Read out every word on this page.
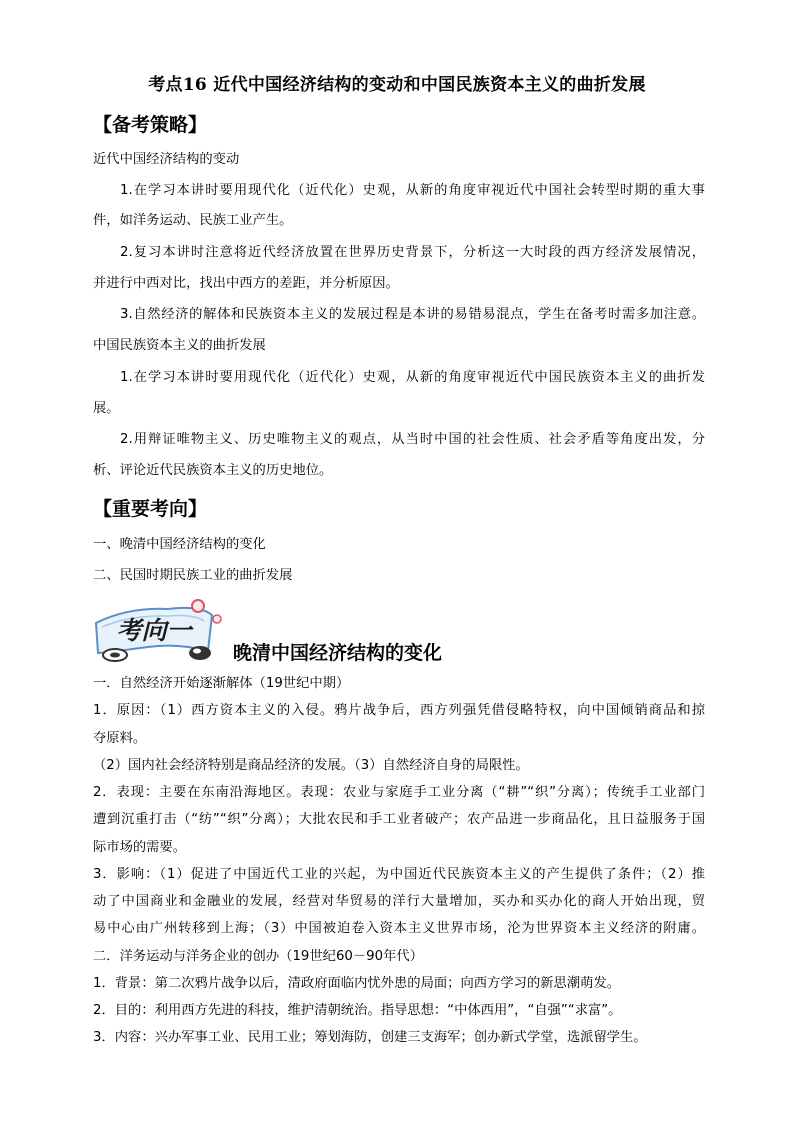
考点16 近代中国经济结构的变动和中国民族资本主义的曲折发展
【备考策略】
近代中国经济结构的变动
1.在学习本讲时要用现代化（近代化）史观，从新的角度审视近代中国社会转型时期的重大事
件，如洋务运动、民族工业产生。
2.复习本讲时注意将近代经济放置在世界历史背景下，分析这一大时段的西方经济发展情况，
并进行中西对比，找出中西方的差距，并分析原因。
3.自然经济的解体和民族资本主义的发展过程是本讲的易错易混点，学生在备考时需多加注意。
中国民族资本主义的曲折发展
1.在学习本讲时要用现代化（近代化）史观，从新的角度审视近代中国民族资本主义的曲折发
展。
2.用辩证唯物主义、历史唯物主义的观点，从当时中国的社会性质、社会矛盾等角度出发，分
析、评论近代民族资本主义的历史地位。
【重要考向】
一、晚清中国经济结构的变化
二、民国时期民族工业的曲折发展
考向一
晚清中国经济结构的变化
一．自然经济开始逐渐解体（19世纪中期）
1．原因：（1）西方资本主义的入侵。鸦片战争后，西方列强凭借侵略特权，向中国倾销商品和掠
夺原料。
（2）国内社会经济特别是商品经济的发展。（3）自然经济自身的局限性。
2．表现：主要在东南沿海地区。表现：农业与家庭手工业分离（“耕”“织”分离）；传统手工业部门
遭到沉重打击（“纺”“织”分离）；大批农民和手工业者破产；农产品进一步商品化，且日益服务于国
际市场的需要。
3．影响：（1）促进了中国近代工业的兴起，为中国近代民族资本主义的产生提供了条件；（2）推
动了中国商业和金融业的发展，经营对华贸易的洋行大量增加，买办和买办化的商人开始出现，贸
易中心由广州转移到上海；（3）中国被迫卷入资本主义世界市场，沦为世界资本主义经济的附庸。
二．洋务运动与洋务企业的创办（19世纪60－90年代）
1．背景：第二次鸦片战争以后，清政府面临内忧外患的局面；向西方学习的新思潮萌发。
2．目的：利用西方先进的科技，维护清朝统治。指导思想：“中体西用”，“自强”“求富”。
3．内容：兴办军事工业、民用工业；筹划海防，创建三支海军；创办新式学堂，选派留学生。
